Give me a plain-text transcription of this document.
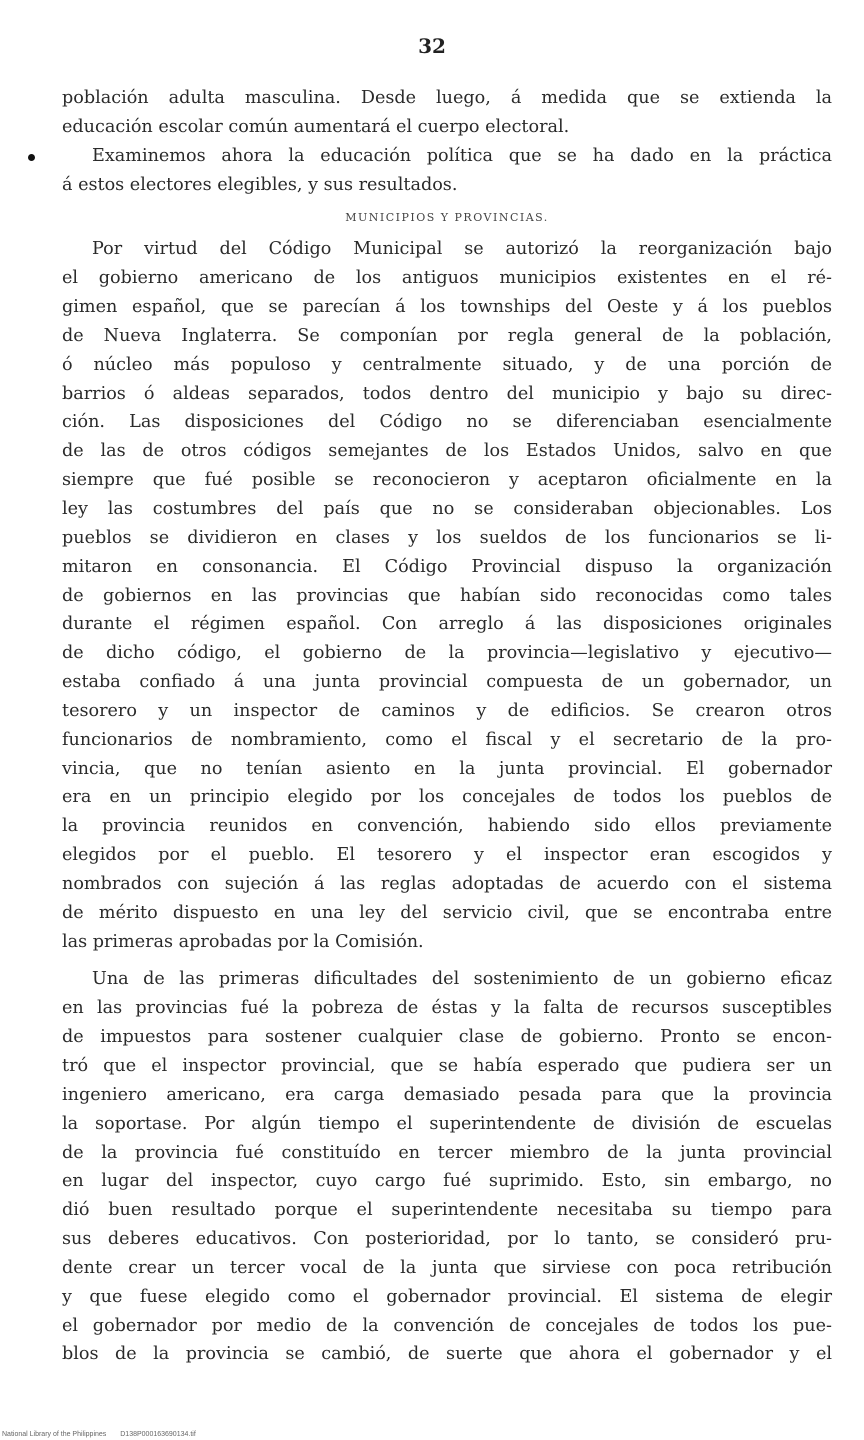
32
población adulta masculina. Desde luego, á medida que se extienda la
educación escolar común aumentará el cuerpo electoral.
Examinemos ahora la educación política que se ha dado en la práctica
á estos electores elegibles, y sus resultados.
MUNICIPIOS Y PROVINCIAS.
Por virtud del Código Municipal se autorizó la reorganización bajo
el gobierno americano de los antiguos municipios existentes en el ré-
gimen español, que se parecían á los townships del Oeste y á los pueblos
de Nueva Inglaterra. Se componían por regla general de la población,
ó núcleo más populoso y centralmente situado, y de una porción de
barrios ó aldeas separados, todos dentro del municipio y bajo su direc-
ción. Las disposiciones del Código no se diferenciaban esencialmente
de las de otros códigos semejantes de los Estados Unidos, salvo en que
siempre que fué posible se reconocieron y aceptaron oficialmente en la
ley las costumbres del país que no se consideraban objecionables. Los
pueblos se dividieron en clases y los sueldos de los funcionarios se li-
mitaron en consonancia. El Código Provincial dispuso la organización
de gobiernos en las provincias que habían sido reconocidas como tales
durante el régimen español. Con arreglo á las disposiciones originales
de dicho código, el gobierno de la provincia—legislativo y ejecutivo—
estaba confiado á una junta provincial compuesta de un gobernador, un
tesorero y un inspector de caminos y de edificios. Se crearon otros
funcionarios de nombramiento, como el fiscal y el secretario de la pro-
vincia, que no tenían asiento en la junta provincial. El gobernador
era en un principio elegido por los concejales de todos los pueblos de
la provincia reunidos en convención, habiendo sido ellos previamente
elegidos por el pueblo. El tesorero y el inspector eran escogidos y
nombrados con sujeción á las reglas adoptadas de acuerdo con el sistema
de mérito dispuesto en una ley del servicio civil, que se encontraba entre
las primeras aprobadas por la Comisión.
Una de las primeras dificultades del sostenimiento de un gobierno eficaz
en las provincias fué la pobreza de éstas y la falta de recursos susceptibles
de impuestos para sostener cualquier clase de gobierno. Pronto se encon-
tró que el inspector provincial, que se había esperado que pudiera ser un
ingeniero americano, era carga demasiado pesada para que la provincia
la soportase. Por algún tiempo el superintendente de división de escuelas
de la provincia fué constituído en tercer miembro de la junta provincial
en lugar del inspector, cuyo cargo fué suprimido. Esto, sin embargo, no
dió buen resultado porque el superintendente necesitaba su tiempo para
sus deberes educativos. Con posterioridad, por lo tanto, se consideró pru-
dente crear un tercer vocal de la junta que sirviese con poca retribución
y que fuese elegido como el gobernador provincial. El sistema de elegir
el gobernador por medio de la convención de concejales de todos los pue-
blos de la provincia se cambió, de suerte que ahora el gobernador y el
National Library of the Philippines D138P000163690134.tif
